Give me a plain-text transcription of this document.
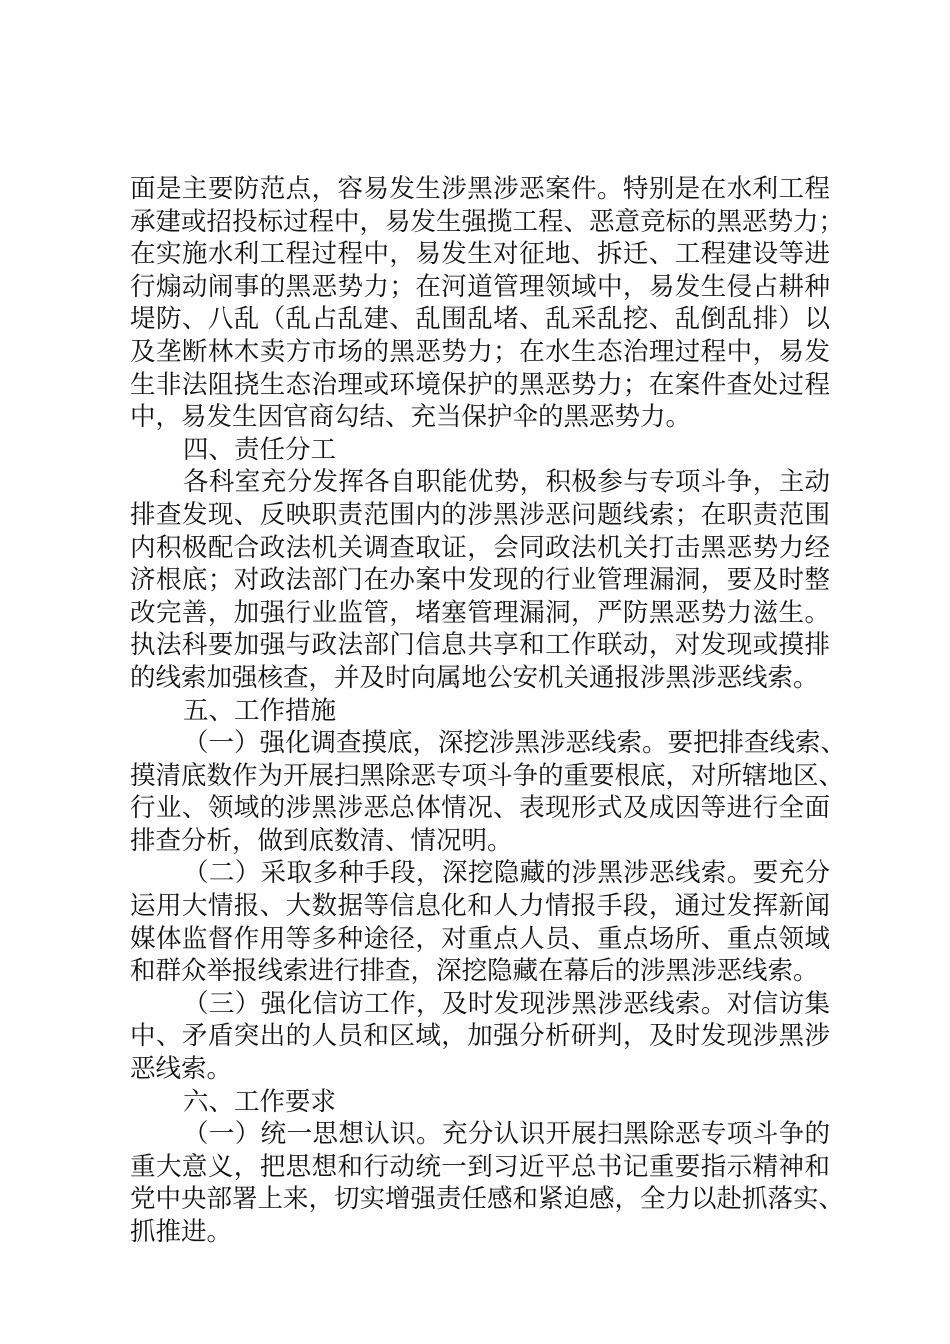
面是主要防范点，容易发生涉黑涉恶案件。特别是在水利工程
承建或招投标过程中，易发生强揽工程、恶意竞标的黑恶势力；
在实施水利工程过程中，易发生对征地、拆迁、工程建设等进
行煽动闹事的黑恶势力；在河道管理领域中，易发生侵占耕种
堤防、八乱（乱占乱建、乱围乱堵、乱采乱挖、乱倒乱排）以
及垄断林木卖方市场的黑恶势力；在水生态治理过程中，易发
生非法阻挠生态治理或环境保护的黑恶势力；在案件查处过程
中，易发生因官商勾结、充当保护伞的黑恶势力。
四、责任分工
各科室充分发挥各自职能优势，积极参与专项斗争，主动
排查发现、反映职责范围内的涉黑涉恶问题线索；在职责范围
内积极配合政法机关调查取证，会同政法机关打击黑恶势力经
济根底；对政法部门在办案中发现的行业管理漏洞，要及时整
改完善，加强行业监管，堵塞管理漏洞，严防黑恶势力滋生。
执法科要加强与政法部门信息共享和工作联动，对发现或摸排
的线索加强核查，并及时向属地公安机关通报涉黑涉恶线索。
五、工作措施
（一）强化调查摸底，深挖涉黑涉恶线索。要把排查线索、
摸清底数作为开展扫黑除恶专项斗争的重要根底，对所辖地区、
行业、领域的涉黑涉恶总体情况、表现形式及成因等进行全面
排查分析，做到底数清、情况明。
（二）采取多种手段，深挖隐藏的涉黑涉恶线索。要充分
运用大情报、大数据等信息化和人力情报手段，通过发挥新闻
媒体监督作用等多种途径，对重点人员、重点场所、重点领域
和群众举报线索进行排查，深挖隐藏在幕后的涉黑涉恶线索。
（三）强化信访工作，及时发现涉黑涉恶线索。对信访集
中、矛盾突出的人员和区域，加强分析研判，及时发现涉黑涉
恶线索。
六、工作要求
（一）统一思想认识。充分认识开展扫黑除恶专项斗争的
重大意义，把思想和行动统一到习近平总书记重要指示精神和
党中央部署上来，切实增强责任感和紧迫感，全力以赴抓落实、
抓推进。
